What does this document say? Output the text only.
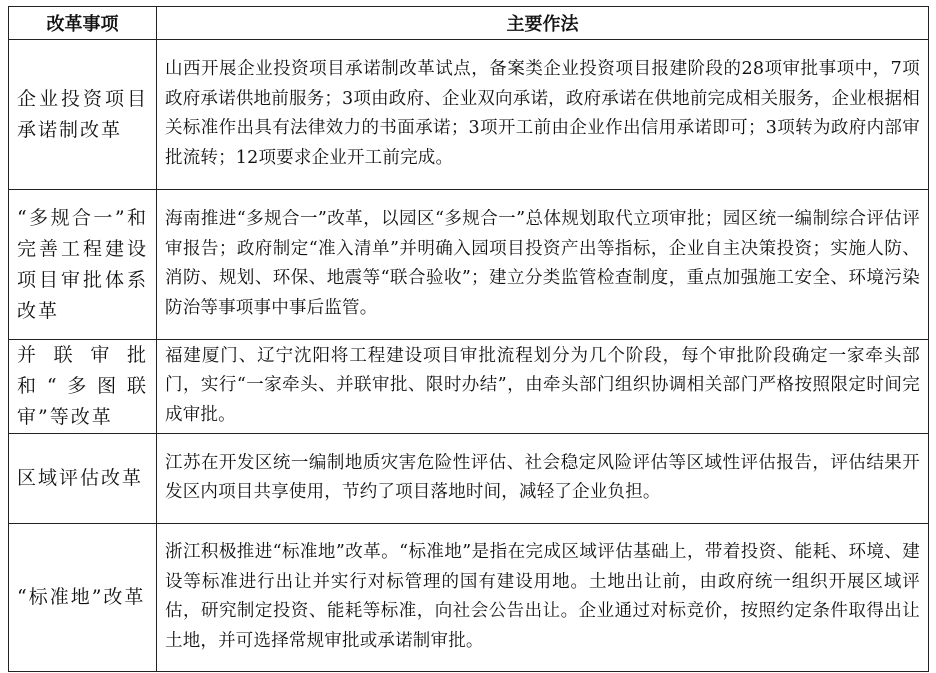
改革事项	主要作法
企业投资项目承诺制改革	山西开展企业投资项目承诺制改革试点，备案类企业投资项目报建阶段的28项审批事项中，7项政府承诺供地前服务；3项由政府、企业双向承诺，政府承诺在供地前完成相关服务，企业根据相关标准作出具有法律效力的书面承诺；3项开工前由企业作出信用承诺即可；3项转为政府内部审批流转；12项要求企业开工前完成。
“多规合一”和完善工程建设项目审批体系改革	海南推进“多规合一”改革，以园区“多规合一”总体规划取代立项审批；园区统一编制综合评估评审报告；政府制定“准入清单”并明确入园项目投资产出等指标，企业自主决策投资；实施人防、消防、规划、环保、地震等“联合验收”；建立分类监管检查制度，重点加强施工安全、环境污染防治等事项事中事后监管。
并联审批和“多图联审”等改革	福建厦门、辽宁沈阳将工程建设项目审批流程划分为几个阶段，每个审批阶段确定一家牵头部门，实行“一家牵头、并联审批、限时办结”，由牵头部门组织协调相关部门严格按照限定时间完成审批。
区域评估改革	江苏在开发区统一编制地质灾害危险性评估、社会稳定风险评估等区域性评估报告，评估结果开发区内项目共享使用，节约了项目落地时间，减轻了企业负担。
“标准地”改革	浙江积极推进“标准地”改革。“标准地”是指在完成区域评估基础上，带着投资、能耗、环境、建设等标准进行出让并实行对标管理的国有建设用地。土地出让前，由政府统一组织开展区域评估，研究制定投资、能耗等标准，向社会公告出让。企业通过对标竞价，按照约定条件取得出让土地，并可选择常规审批或承诺制审批。
